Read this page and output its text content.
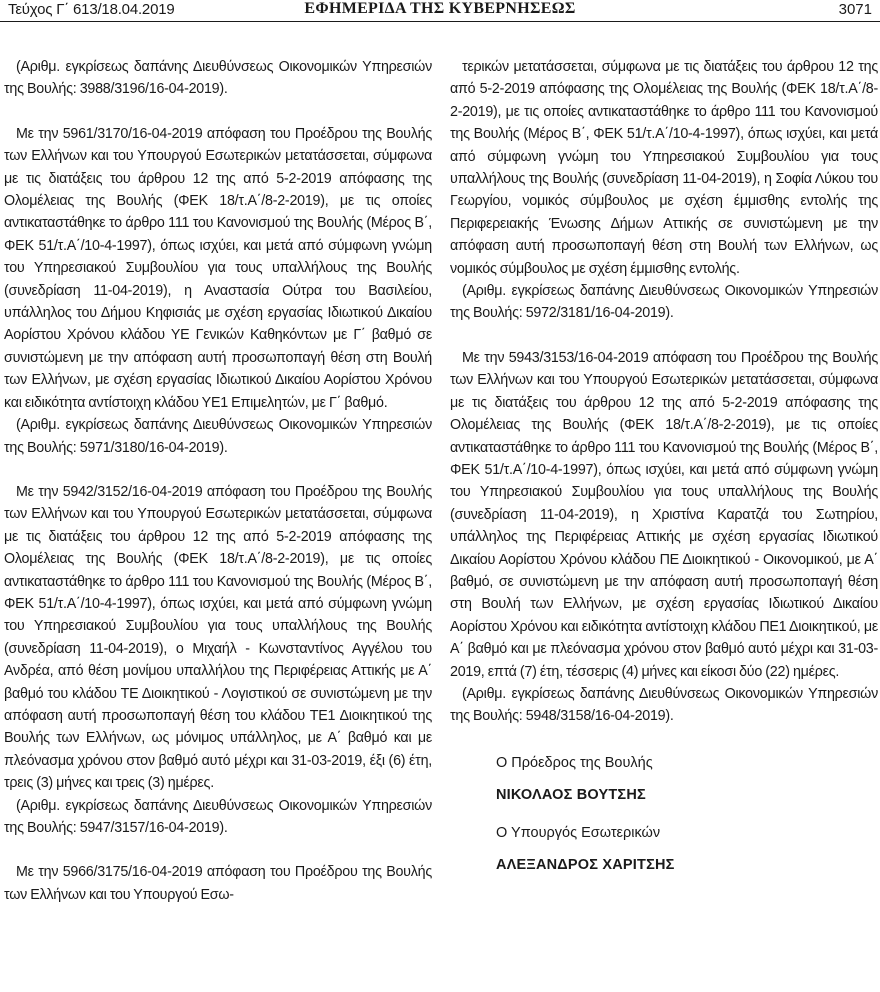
Τεύχος Γ΄ 613/18.04.2019	ΕΦΗΜΕΡΙΔΑ ΤΗΣ ΚΥΒΕΡΝΗΣΕΩΣ	3071

(Αριθμ. εγκρίσεως δαπάνης Διευθύνσεως Οικονομικών Υπηρεσιών της Βουλής: 3988/3196/16-04-2019).

Με την 5961/3170/16-04-2019 απόφαση του Προέδρου της Βουλής των Ελλήνων και του Υπουργού Εσωτερικών μετατάσσεται, σύμφωνα με τις διατάξεις του άρθρου 12 της από 5-2-2019 απόφασης της Ολομέλειας της Βουλής (ΦΕΚ 18/τ.Α΄/8-2-2019), με τις οποίες αντικαταστάθηκε το άρθρο 111 του Κανονισμού της Βουλής (Μέρος Β΄, ΦΕΚ 51/τ.Α΄/10-4-1997), όπως ισχύει, και μετά από σύμφωνη γνώμη του Υπηρεσιακού Συμβουλίου για τους υπαλλήλους της Βουλής (συνεδρίαση 11-04-2019), η Αναστασία Ούτρα του Βασιλείου, υπάλληλος του Δήμου Κηφισιάς με σχέση εργασίας Ιδιωτικού Δικαίου Αορίστου Χρόνου κλάδου ΥΕ Γενικών Καθηκόντων με Γ΄ βαθμό σε συνιστώμενη με την απόφαση αυτή προσωποπαγή θέση στη Βουλή των Ελλήνων, με σχέση εργασίας Ιδιωτικού Δικαίου Αορίστου Χρόνου και ειδικότητα αντίστοιχη κλάδου ΥΕ1 Επιμελητών, με Γ΄ βαθμό.

(Αριθμ. εγκρίσεως δαπάνης Διευθύνσεως Οικονομικών Υπηρεσιών της Βουλής: 5971/3180/16-04-2019).

Με την 5942/3152/16-04-2019 απόφαση του Προέδρου της Βουλής των Ελλήνων και του Υπουργού Εσωτερικών μετατάσσεται, σύμφωνα με τις διατάξεις του άρθρου 12 της από 5-2-2019 απόφασης της Ολομέλειας της Βουλής (ΦΕΚ 18/τ.Α΄/8-2-2019), με τις οποίες αντικαταστάθηκε το άρθρο 111 του Κανονισμού της Βουλής (Μέρος Β΄, ΦΕΚ 51/τ.Α΄/10-4-1997), όπως ισχύει, και μετά από σύμφωνη γνώμη του Υπηρεσιακού Συμβουλίου για τους υπαλλήλους της Βουλής (συνεδρίαση 11-04-2019), ο Μιχαήλ - Κωνσταντίνος Αγγέλου του Ανδρέα, από θέση μονίμου υπαλλήλου της Περιφέρειας Αττικής με Α΄ βαθμό του κλάδου ΤΕ Διοικητικού - Λογιστικού σε συνιστώμενη με την απόφαση αυτή προσωποπαγή θέση του κλάδου ΤΕ1 Διοικητικού της Βουλής των Ελλήνων, ως μόνιμος υπάλληλος, με Α΄ βαθμό και με πλεόνασμα χρόνου στον βαθμό αυτό μέχρι και 31-03-2019, έξι (6) έτη, τρεις (3) μήνες και τρεις (3) ημέρες.

(Αριθμ. εγκρίσεως δαπάνης Διευθύνσεως Οικονομικών Υπηρεσιών της Βουλής: 5947/3157/16-04-2019).

Με την 5966/3175/16-04-2019 απόφαση του Προέδρου της Βουλής των Ελλήνων και του Υπουργού Εσω-

τερικών μετατάσσεται, σύμφωνα με τις διατάξεις του άρθρου 12 της από 5-2-2019 απόφασης της Ολομέλειας της Βουλής (ΦΕΚ 18/τ.Α΄/8-2-2019), με τις οποίες αντικαταστάθηκε το άρθρο 111 του Κανονισμού της Βουλής (Μέρος Β΄, ΦΕΚ 51/τ.Α΄/10-4-1997), όπως ισχύει, και μετά από σύμφωνη γνώμη του Υπηρεσιακού Συμβουλίου για τους υπαλλήλους της Βουλής (συνεδρίαση 11-04-2019), η Σοφία Λύκου του Γεωργίου, νομικός σύμβουλος με σχέση έμμισθης εντολής της Περιφερειακής Ένωσης Δήμων Αττικής σε συνιστώμενη με την απόφαση αυτή προσωποπαγή θέση στη Βουλή των Ελλήνων, ως νομικός σύμβουλος με σχέση έμμισθης εντολής.

(Αριθμ. εγκρίσεως δαπάνης Διευθύνσεως Οικονομικών Υπηρεσιών της Βουλής: 5972/3181/16-04-2019).

Με την 5943/3153/16-04-2019 απόφαση του Προέδρου της Βουλής των Ελλήνων και του Υπουργού Εσωτερικών μετατάσσεται, σύμφωνα με τις διατάξεις του άρθρου 12 της από 5-2-2019 απόφασης της Ολομέλειας της Βουλής (ΦΕΚ 18/τ.Α΄/8-2-2019), με τις οποίες αντικαταστάθηκε το άρθρο 111 του Κανονισμού της Βουλής (Μέρος Β΄, ΦΕΚ 51/τ.Α΄/10-4-1997), όπως ισχύει, και μετά από σύμφωνη γνώμη του Υπηρεσιακού Συμβουλίου για τους υπαλλήλους της Βουλής (συνεδρίαση 11-04-2019), η Χριστίνα Καρατζά του Σωτηρίου, υπάλληλος της Περιφέρειας Αττικής με σχέση εργασίας Ιδιωτικού Δικαίου Αορίστου Χρόνου κλάδου ΠΕ Διοικητικού - Οικονομικού, με Α΄ βαθμό, σε συνιστώμενη με την απόφαση αυτή προσωποπαγή θέση στη Βουλή των Ελλήνων, με σχέση εργασίας Ιδιωτικού Δικαίου Αορίστου Χρόνου και ειδικότητα αντίστοιχη κλάδου ΠΕ1 Διοικητικού, με Α΄ βαθμό και με πλεόνασμα χρόνου στον βαθμό αυτό μέχρι και 31-03-2019, επτά (7) έτη, τέσσερις (4) μήνες και είκοσι δύο (22) ημέρες.

(Αριθμ. εγκρίσεως δαπάνης Διευθύνσεως Οικονομικών Υπηρεσιών της Βουλής: 5948/3158/16-04-2019).

Ο Πρόεδρος της Βουλής
ΝΙΚΟΛΑΟΣ ΒΟΥΤΣΗΣ
Ο Υπουργός Εσωτερικών
ΑΛΕΞΑΝΔΡΟΣ ΧΑΡΙΤΣΗΣ
